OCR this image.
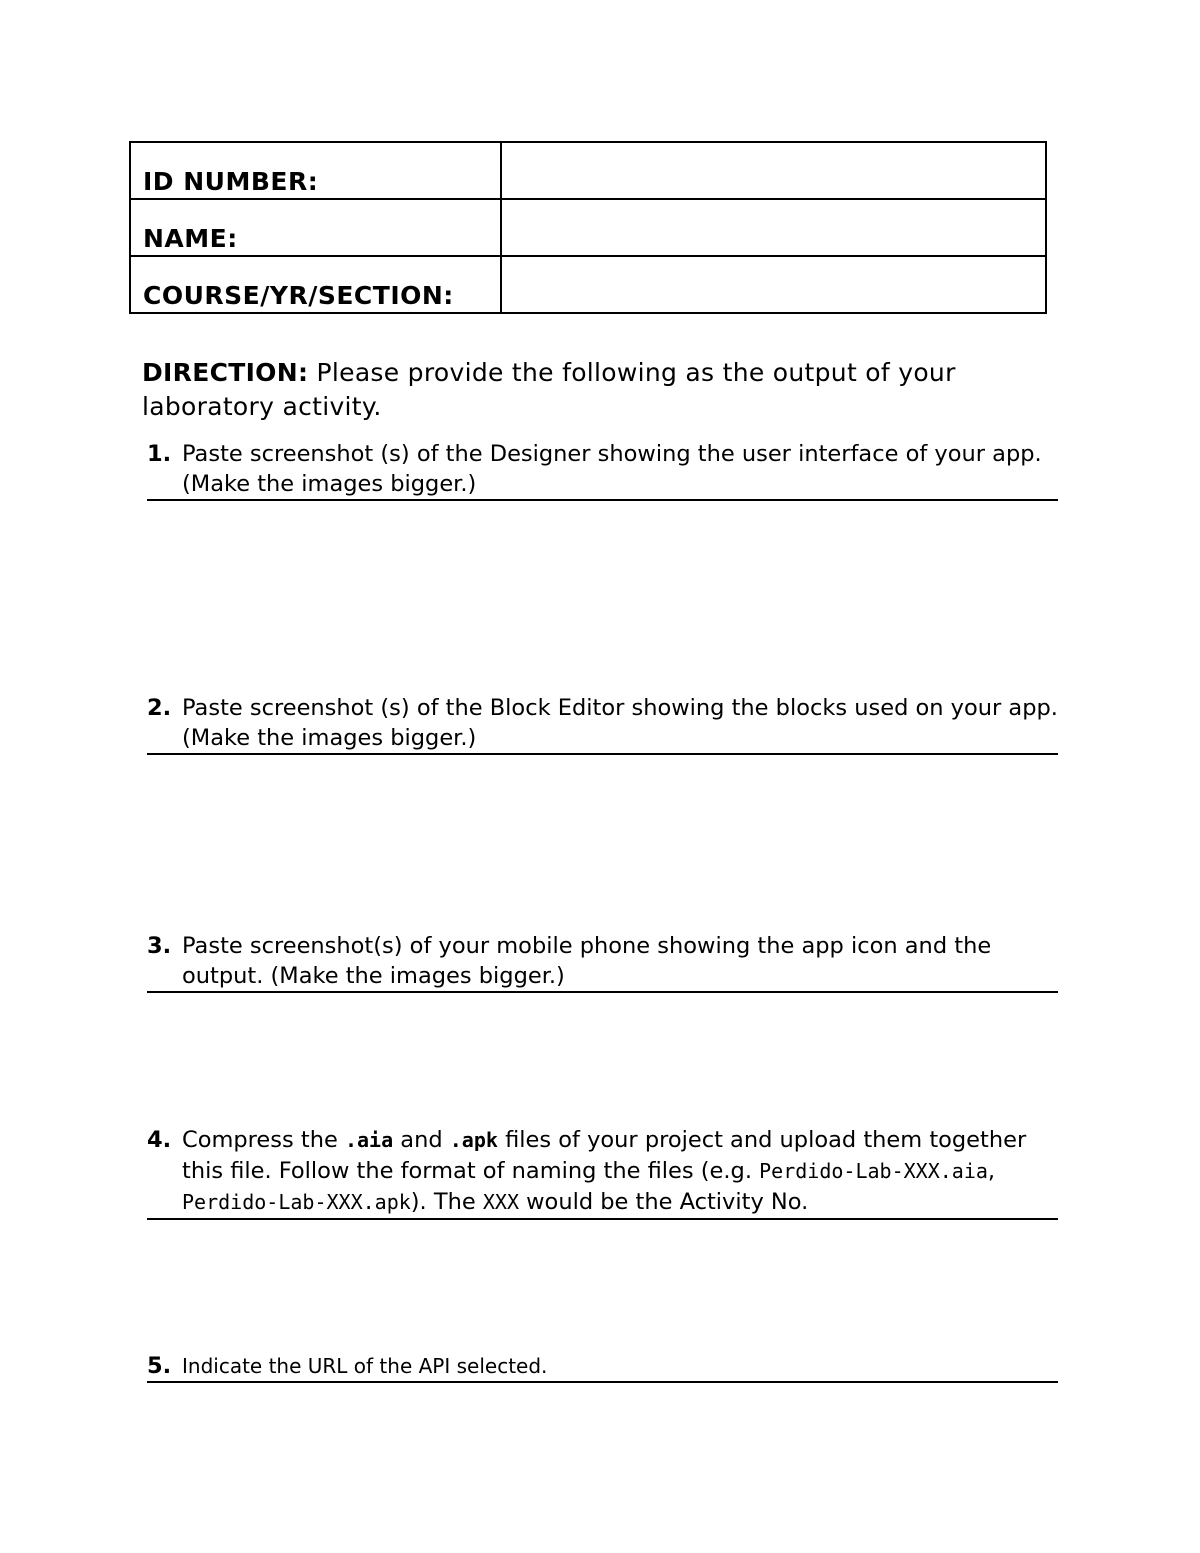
ID NUMBER:	
NAME:	
COURSE/YR/SECTION:	
DIRECTION: Please provide the following as the output of your laboratory activity.
1. Paste screenshot (s) of the Designer showing the user interface of your app. (Make the images bigger.)
2. Paste screenshot (s) of the Block Editor showing the blocks used on your app. (Make the images bigger.)
3. Paste screenshot(s) of your mobile phone showing the app icon and the output. (Make the images bigger.)
4. Compress the .aia and .apk files of your project and upload them together this file. Follow the format of naming the files (e.g. Perdido-Lab-XXX.aia, Perdido-Lab-XXX.apk). The XXX would be the Activity No.
5. Indicate the URL of the API selected.
